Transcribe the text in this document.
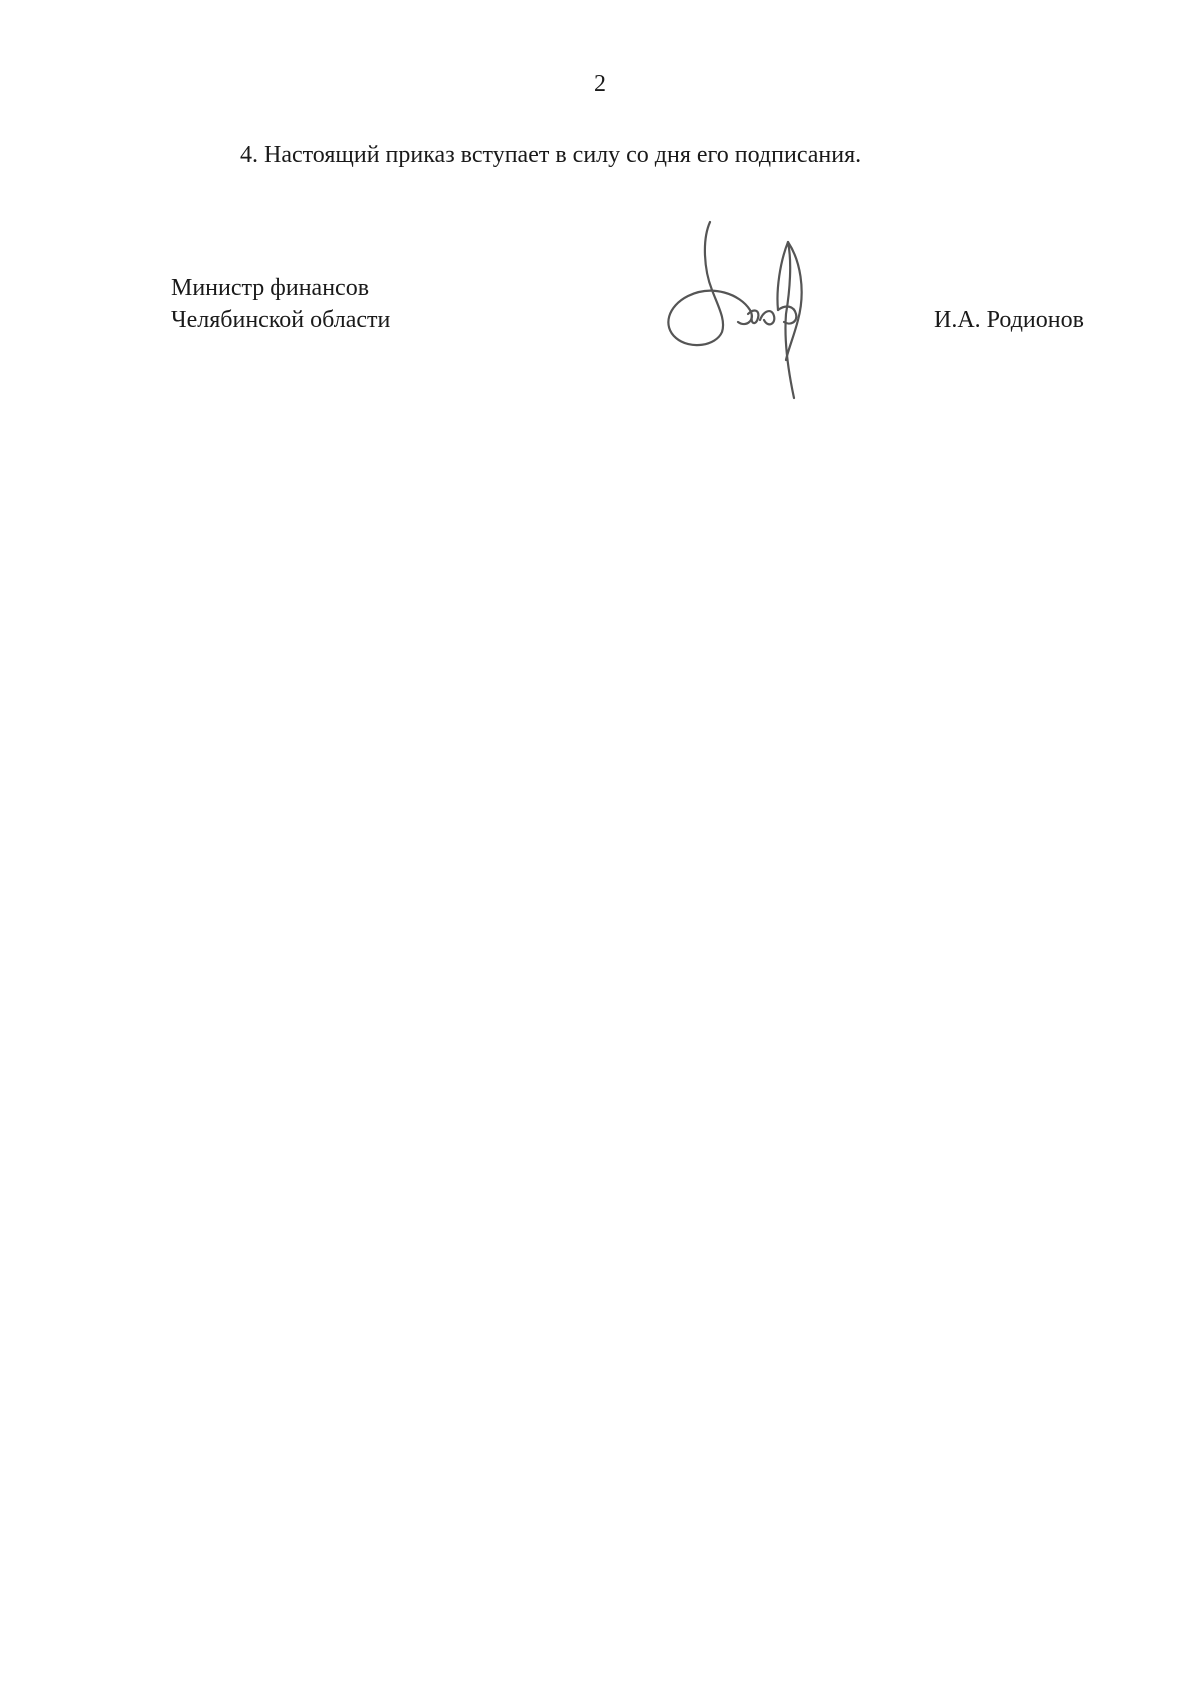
2
4. Настоящий приказ вступает в силу со дня его подписания.
Министр финансов
Челябинской области	И.А. Родионов
